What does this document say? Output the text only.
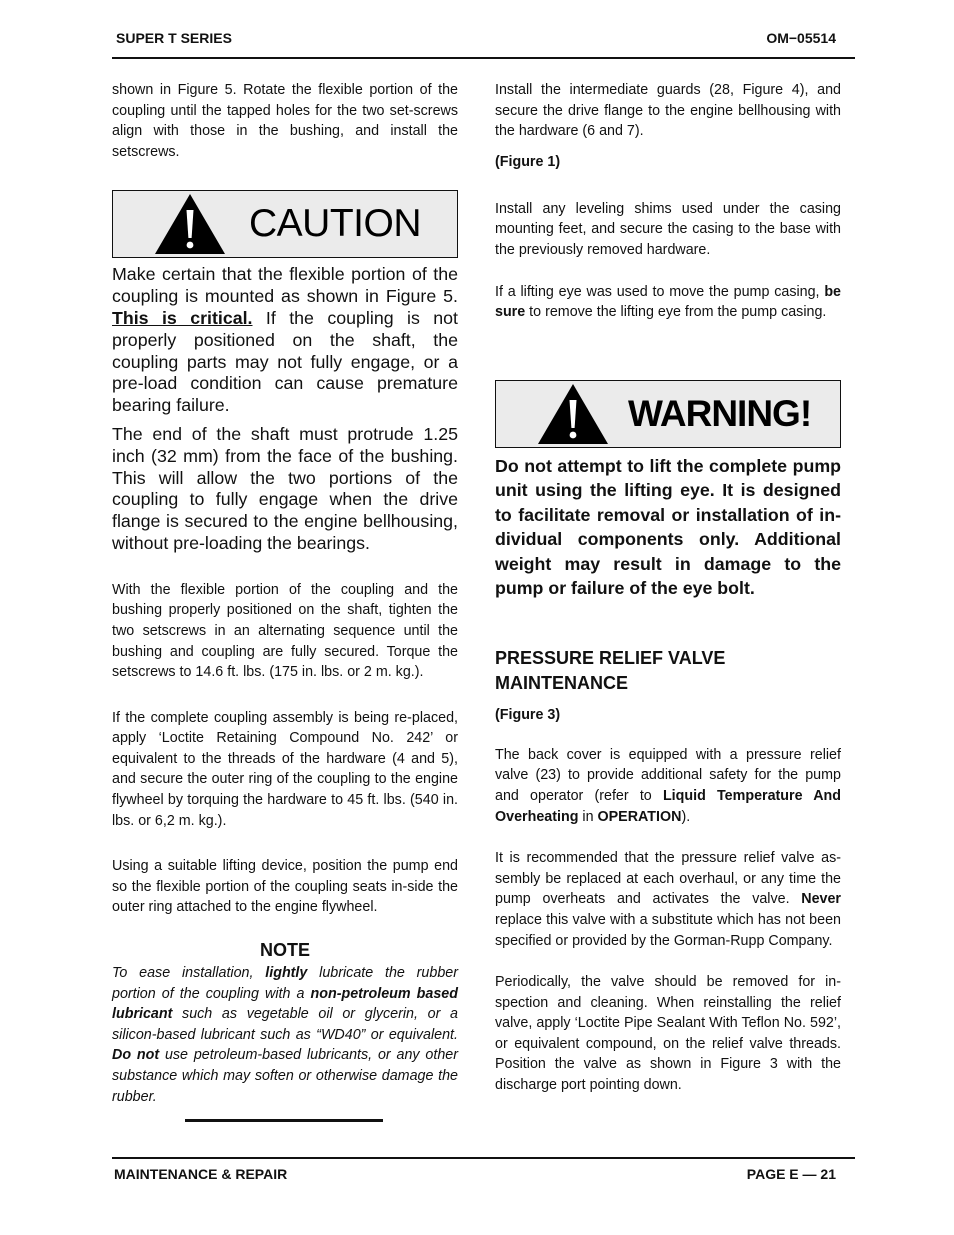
SUPER T SERIES	OM−05514

shown in Figure 5. Rotate the flexible portion of the coupling until the tapped holes for the two set-screws align with those in the bushing, and install the setscrews.

CAUTION

Make certain that the flexible portion of the coupling is mounted as shown in Figure 5. This is critical. If the coupling is not properly positioned on the shaft, the coupling parts may not fully engage, or a pre-load condition can cause premature bearing failure.

The end of the shaft must protrude 1.25 inch (32 mm) from the face of the bushing. This will allow the two portions of the coupling to fully engage when the drive flange is secured to the engine bellhousing, without pre-loading the bearings.

With the flexible portion of the coupling and the bushing properly positioned on the shaft, tighten the two setscrews in an alternating sequence until the bushing and coupling are fully secured. Torque the setscrews to 14.6 ft. lbs. (175 in. lbs. or 2 m. kg.).

If the complete coupling assembly is being re-placed, apply ‘Loctite Retaining Compound No. 242’ or equivalent to the threads of the hardware (4 and 5), and secure the outer ring of the coupling to the engine flywheel by torquing the hardware to 45 ft. lbs. (540 in. lbs. or 6,2 m. kg.).

Using a suitable lifting device, position the pump end so the flexible portion of the coupling seats in-side the outer ring attached to the engine flywheel.

NOTE

To ease installation, lightly lubricate the rubber portion of the coupling with a non-petroleum based lubricant such as vegetable oil or glycerin, or a silicon-based lubricant such as “WD40” or equivalent. Do not use petroleum-based lubricants, or any other substance which may soften or otherwise damage the rubber.

Install the intermediate guards (28, Figure 4), and secure the drive flange to the engine bellhousing with the hardware (6 and 7).

(Figure 1)

Install any leveling shims used under the casing mounting feet, and secure the casing to the base with the previously removed hardware.

If a lifting eye was used to move the pump casing, be sure to remove the lifting eye from the pump casing.

WARNING!

Do not attempt to lift the complete pump unit using the lifting eye. It is designed to facilitate removal or installation of in-dividual components only. Additional weight may result in damage to the pump or failure of the eye bolt.

PRESSURE RELIEF VALVE MAINTENANCE

(Figure 3)

The back cover is equipped with a pressure relief valve (23) to provide additional safety for the pump and operator (refer to Liquid Temperature And Overheating in OPERATION).

It is recommended that the pressure relief valve as-sembly be replaced at each overhaul, or any time the pump overheats and activates the valve. Never replace this valve with a substitute which has not been specified or provided by the Gorman-Rupp Company.

Periodically, the valve should be removed for in-spection and cleaning. When reinstalling the relief valve, apply ‘Loctite Pipe Sealant With Teflon No. 592’, or equivalent compound, on the relief valve threads. Position the valve as shown in Figure 3 with the discharge port pointing down.

MAINTENANCE & REPAIR	PAGE E — 21
